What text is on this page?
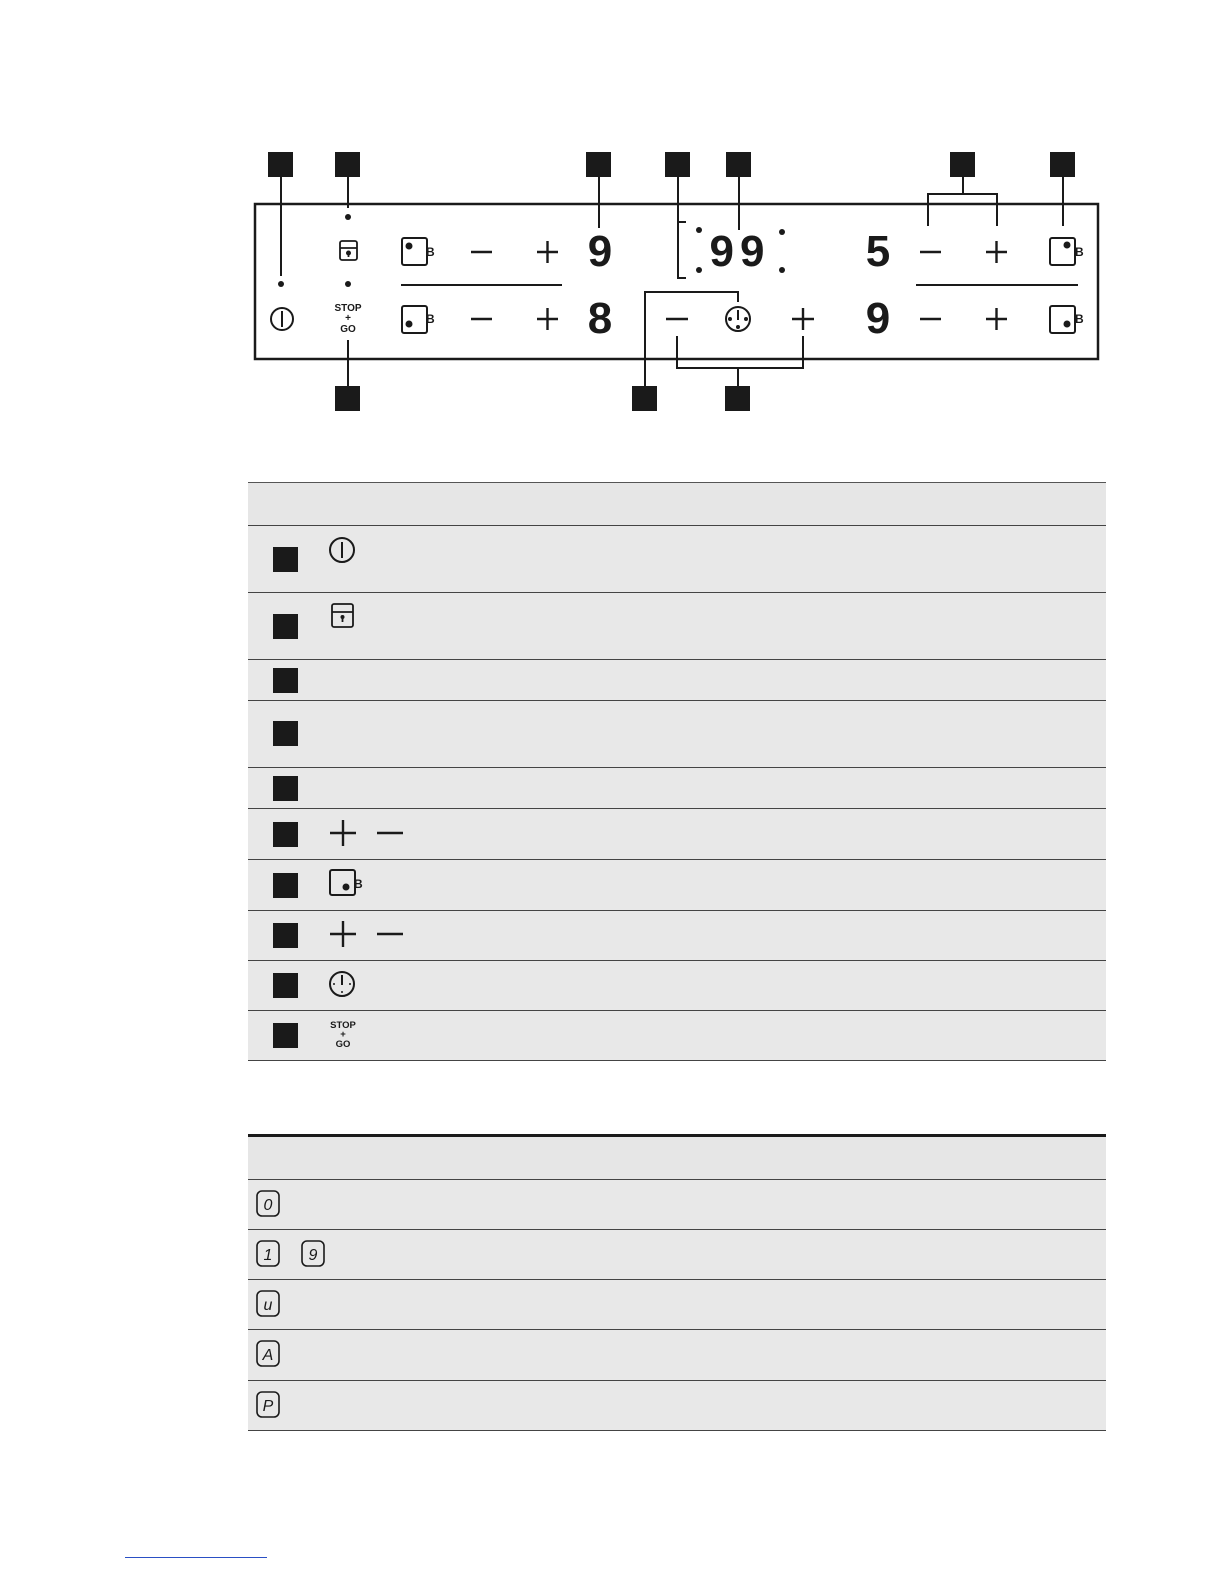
STOP
+
GO
B
B
B
B
9
8
99 5
9
B
STOP
+
GO
0
1 9
u
A
P
